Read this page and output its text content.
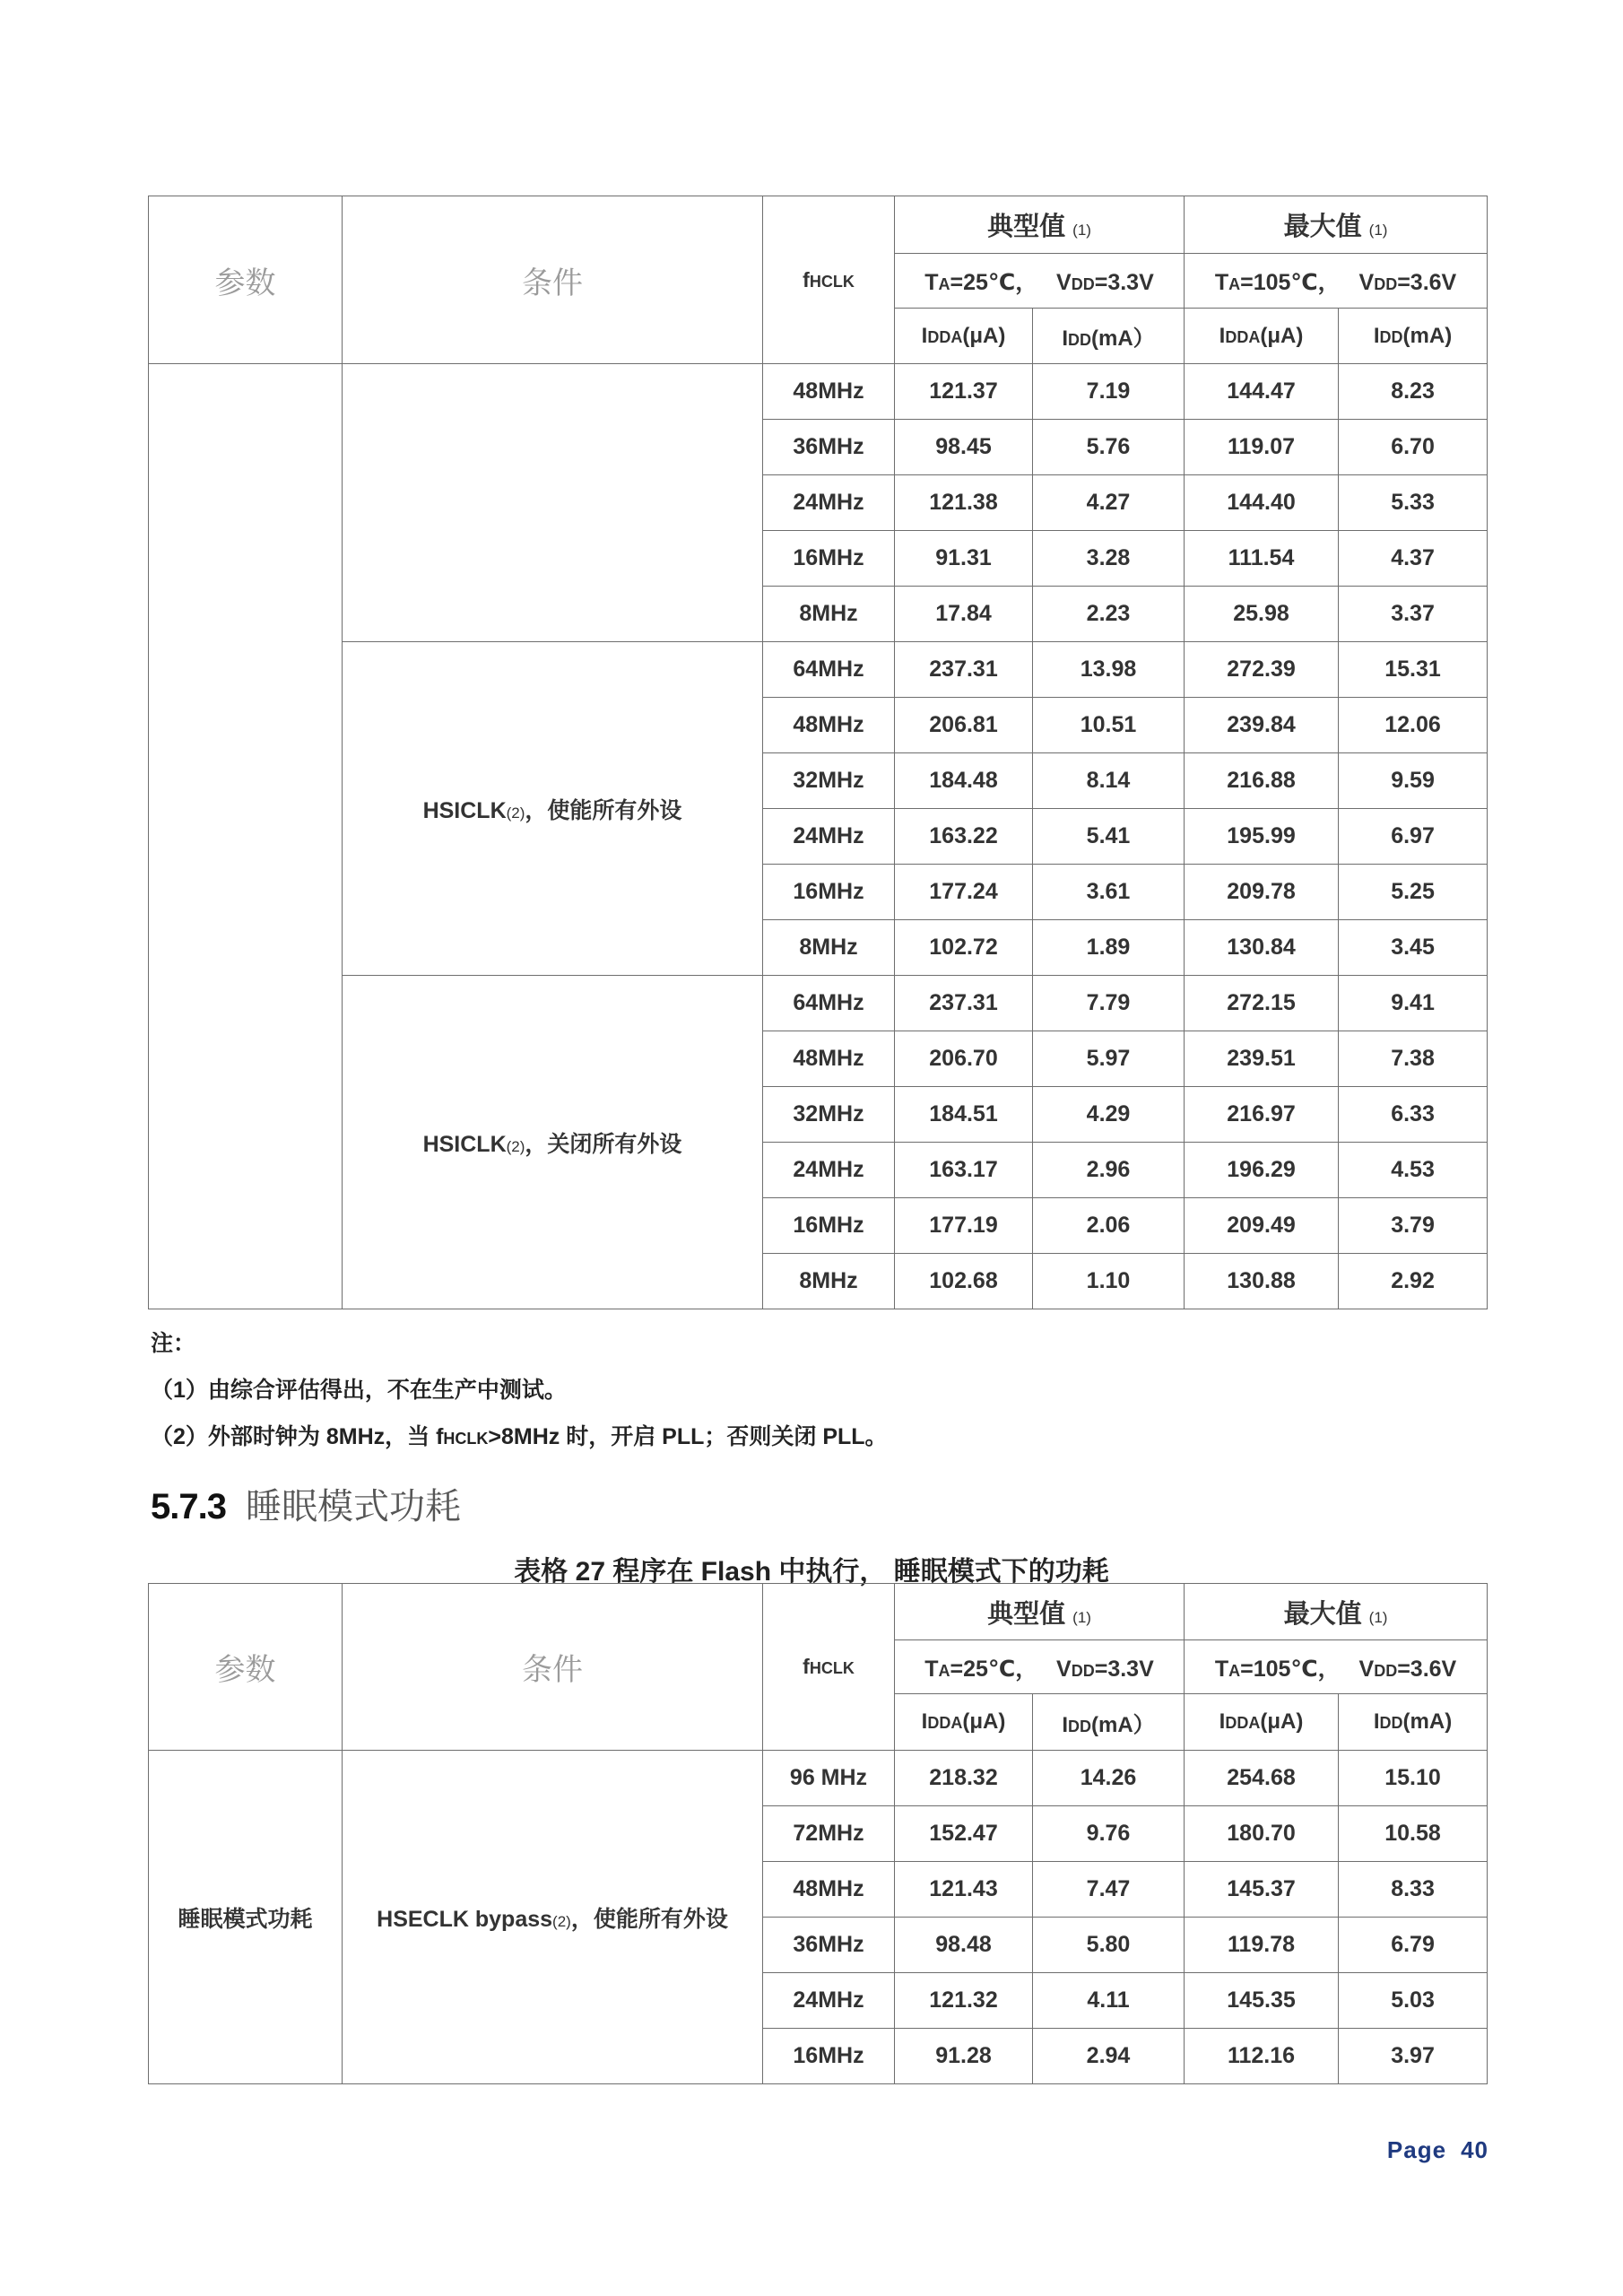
参数	条件	fHCLK	典型值 (1)		最大值 (1)	
			TA=25℃，   VDD=3.3V		TA=105℃，   VDD=3.6V	
			IDDA(μA)	IDD(mA）	IDDA(μA)	IDD(mA)
		48MHz	121.37	7.19	144.47	8.23
		36MHz	98.45	5.76	119.07	6.70
		24MHz	121.38	4.27	144.40	5.33
		16MHz	91.31	3.28	111.54	4.37
		8MHz	17.84	2.23	25.98	3.37
	HSICLK(2)，使能所有外设	64MHz	237.31	13.98	272.39	15.31
		48MHz	206.81	10.51	239.84	12.06
		32MHz	184.48	8.14	216.88	9.59
		24MHz	163.22	5.41	195.99	6.97
		16MHz	177.24	3.61	209.78	5.25
		8MHz	102.72	1.89	130.84	3.45
	HSICLK(2)，关闭所有外设	64MHz	237.31	7.79	272.15	9.41
		48MHz	206.70	5.97	239.51	7.38
		32MHz	184.51	4.29	216.97	6.33
		24MHz	163.17	2.96	196.29	4.53
		16MHz	177.19	2.06	209.49	3.79
		8MHz	102.68	1.10	130.88	2.92
注：
（1）由综合评估得出，不在生产中测试。
（2）外部时钟为 8MHz，当 fHCLK>8MHz 时，开启 PLL；否则关闭 PLL。
5.7.3 睡眠模式功耗
表格 27 程序在 Flash 中执行， 睡眠模式下的功耗
参数	条件	fHCLK	典型值 (1)		最大值 (1)	
			TA=25℃，   VDD=3.3V		TA=105℃，   VDD=3.6V	
			IDDA(μA)	IDD(mA）	IDDA(μA)	IDD(mA)
睡眠模式功耗	HSECLK bypass(2)，使能所有外设	96 MHz	218.32	14.26	254.68	15.10
		72MHz	152.47	9.76	180.70	10.58
		48MHz	121.43	7.47	145.37	8.33
		36MHz	98.48	5.80	119.78	6.79
		24MHz	121.32	4.11	145.35	5.03
		16MHz	91.28	2.94	112.16	3.97
Page 40
